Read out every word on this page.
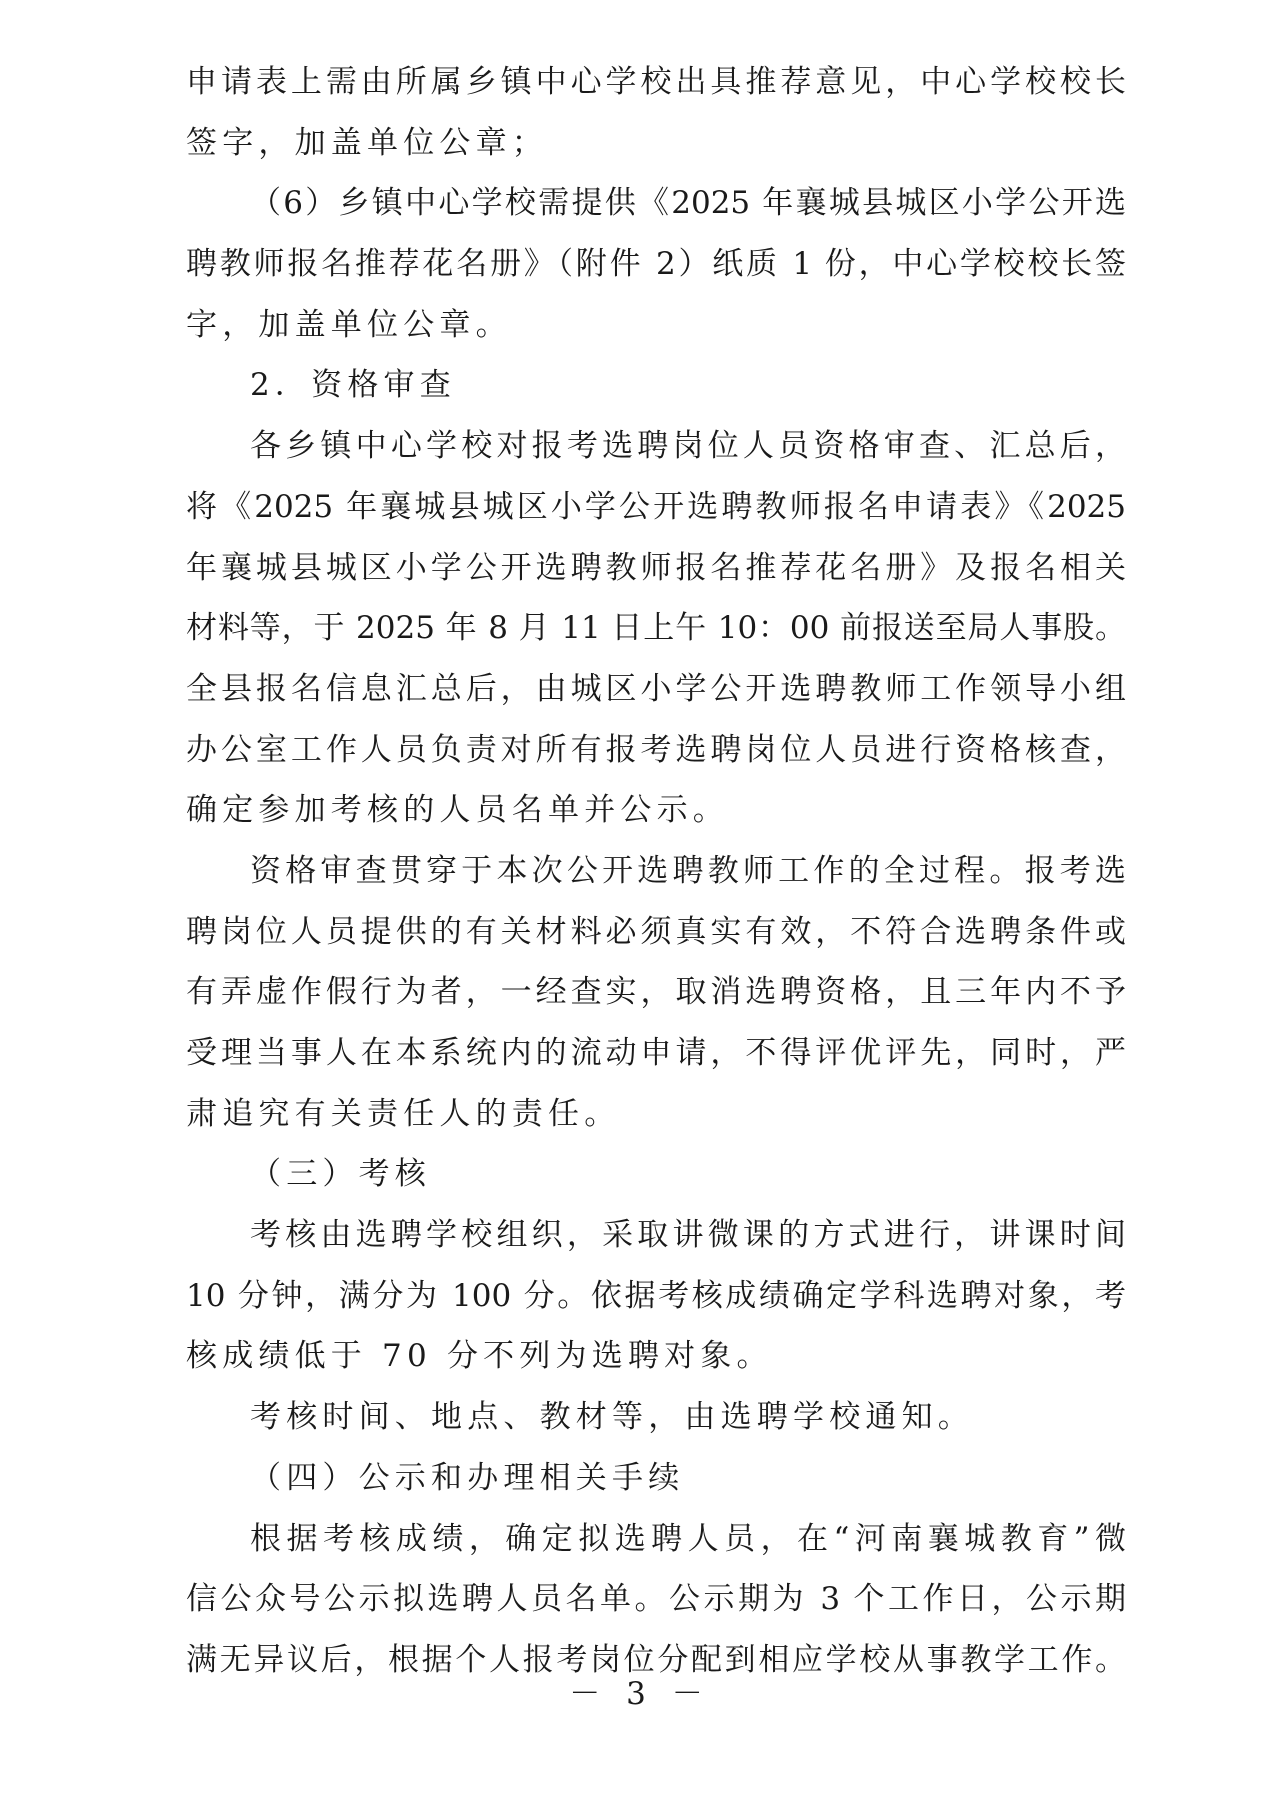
申请表上需由所属乡镇中心学校出具推荐意见，中心学校校长
签字，加盖单位公章；
（6）乡镇中心学校需提供《2025 年襄城县城区小学公开选
聘教师报名推荐花名册》（附件 2）纸质 1 份，中心学校校长签
字，加盖单位公章。
2．资格审查
各乡镇中心学校对报考选聘岗位人员资格审查、汇总后，
将《2025 年襄城县城区小学公开选聘教师报名申请表》《2025
年襄城县城区小学公开选聘教师报名推荐花名册》及报名相关
材料等，于 2025 年 8 月 11 日上午 10：00 前报送至局人事股。
全县报名信息汇总后，由城区小学公开选聘教师工作领导小组
办公室工作人员负责对所有报考选聘岗位人员进行资格核查，
确定参加考核的人员名单并公示。
资格审查贯穿于本次公开选聘教师工作的全过程。报考选
聘岗位人员提供的有关材料必须真实有效，不符合选聘条件或
有弄虚作假行为者，一经查实，取消选聘资格，且三年内不予
受理当事人在本系统内的流动申请，不得评优评先，同时，严
肃追究有关责任人的责任。
（三）考核
考核由选聘学校组织，采取讲微课的方式进行，讲课时间
10 分钟，满分为 100 分。依据考核成绩确定学科选聘对象，考
核成绩低于 70 分不列为选聘对象。
考核时间、地点、教材等，由选聘学校通知。
（四）公示和办理相关手续
根据考核成绩，确定拟选聘人员，在“河南襄城教育”微
信公众号公示拟选聘人员名单。公示期为 3 个工作日，公示期
满无异议后，根据个人报考岗位分配到相应学校从事教学工作。
－ 3 －
